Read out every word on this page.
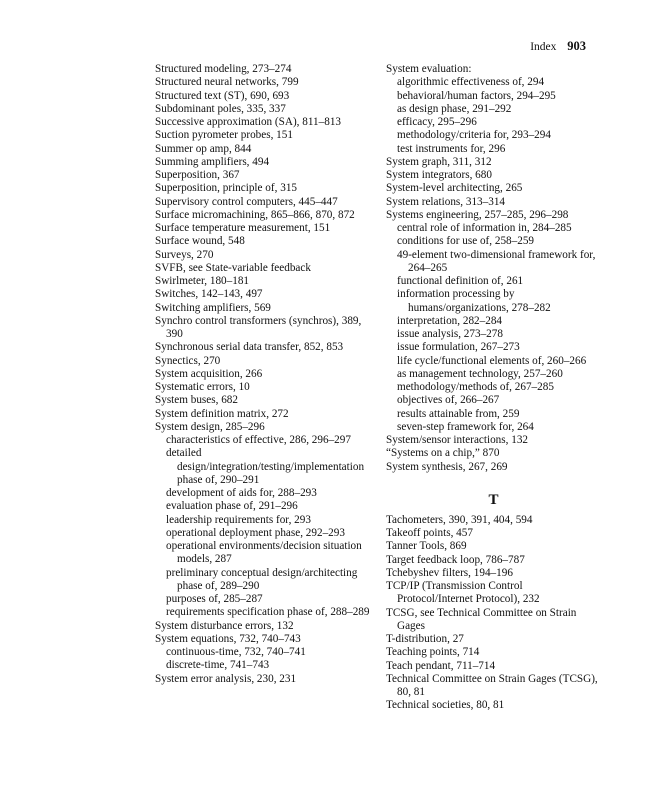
Index 903
Structured modeling, 273–274
Structured neural networks, 799
Structured text (ST), 690, 693
Subdominant poles, 335, 337
Successive approximation (SA), 811–813
Suction pyrometer probes, 151
Summer op amp, 844
Summing amplifiers, 494
Superposition, 367
Superposition, principle of, 315
Supervisory control computers, 445–447
Surface micromachining, 865–866, 870, 872
Surface temperature measurement, 151
Surface wound, 548
Surveys, 270
SVFB, see State-variable feedback
Swirlmeter, 180–181
Switches, 142–143, 497
Switching amplifiers, 569
Synchro control transformers (synchros), 389, 390
Synchronous serial data transfer, 852, 853
Synectics, 270
System acquisition, 266
Systematic errors, 10
System buses, 682
System definition matrix, 272
System design, 285–296
characteristics of effective, 286, 296–297
detailed design/integration/testing/implementation phase of, 290–291
development of aids for, 288–293
evaluation phase of, 291–296
leadership requirements for, 293
operational deployment phase, 292–293
operational environments/decision situation models, 287
preliminary conceptual design/architecting phase of, 289–290
purposes of, 285–287
requirements specification phase of, 288–289
System disturbance errors, 132
System equations, 732, 740–743
continuous-time, 732, 740–741
discrete-time, 741–743
System error analysis, 230, 231
System evaluation:
algorithmic effectiveness of, 294
behavioral/human factors, 294–295
as design phase, 291–292
efficacy, 295–296
methodology/criteria for, 293–294
test instruments for, 296
System graph, 311, 312
System integrators, 680
System-level architecting, 265
System relations, 313–314
Systems engineering, 257–285, 296–298
central role of information in, 284–285
conditions for use of, 258–259
49-element two-dimensional framework for, 264–265
functional definition of, 261
information processing by humans/organizations, 278–282
interpretation, 282–284
issue analysis, 273–278
issue formulation, 267–273
life cycle/functional elements of, 260–266
as management technology, 257–260
methodology/methods of, 267–285
objectives of, 266–267
results attainable from, 259
seven-step framework for, 264
System/sensor interactions, 132
“Systems on a chip,” 870
System synthesis, 267, 269
T
Tachometers, 390, 391, 404, 594
Takeoff points, 457
Tanner Tools, 869
Target feedback loop, 786–787
Tchebyshev filters, 194–196
TCP/IP (Transmission Control Protocol/Internet Protocol), 232
TCSG, see Technical Committee on Strain Gages
T-distribution, 27
Teaching points, 714
Teach pendant, 711–714
Technical Committee on Strain Gages (TCSG), 80, 81
Technical societies, 80, 81
